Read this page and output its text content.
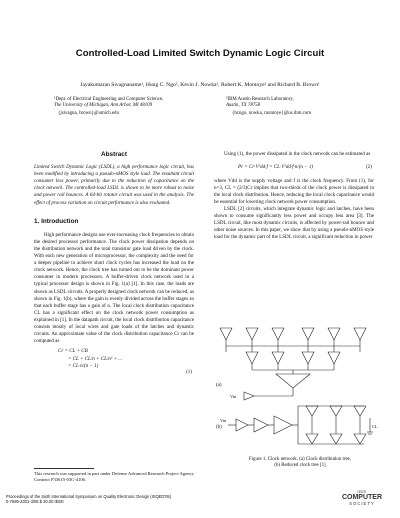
Controlled-Load Limited Switch Dynamic Logic Circuit
Jayakumaran Sivagnaname¹, Hung C. Ngo², Kevin J. Nowka², Robert K. Montoye² and Richard B. Brown¹
¹Dept. of Electrical Engineering and Computer Science,
The University of Michigan, Ann Arbor, MI 48109
²IBM Austin Research Laboratory,
Austin, TX 78758
{jsivagna, brown}@umich.edu	{hcngo, nowka, montoye}@us.ibm.com
Abstract
Limited Switch Dynamic Logic (LSDL), a high performance logic circuit, has been modified by introducing a pseudo-nMOS style load. The resultant circuit consumer less power, primarily due to the reduction of capacitance on the clock network. The controlled-load LSDL is shown to be more robust to noise and power rail bounces. A 64-bit rotator circuit was used in the analysis. The effect of process variation on circuit performance is also evaluated.
1. Introduction
High performance designs use ever-increasing clock frequencies to obtain the desired processor performance. The clock power dissipation depends on the distribution network and the total transistor gate load driven by the clock. With each new generation of microprocessor, the complexity and the need for a deeper pipeline to achieve short clock cycles has increased the load on the clock network. Hence, the clock tree has turned out to be the dominant power consumer in modern processors. A buffer-driven clock network used in a typical processor design is shown in Fig. 1(a) [1]. In this case, the loads are shown as LSDL circuits. A properly designed clock network can be reduced, as shown in Fig. 1(b), where the gain is evenly divided across the buffer stages so that each buffer stage has a gain of n. The local clock distribution capacitance CL has a significant effect on the clock network power consumption as explained in [1]. In the datapath circuit, the local clock distribution capacitance consists mostly of local wires and gate loads of the latches and dynamic circuits. An approximate value of the clock distribution capacitance Cr can be computed as
Cr = CL + CB
= CL + CL/n + CL/n² + ...
= CL·n/(n − 1)
(1)
This research was supported in part under Defense Advanced Research Project Agency Contract F33615-03C-4106.
Using (1), the power dissipated in the clock network can be estimated as
Pr = Cr·V²dd·f = CL·V²dd·f·n/(n − 1)	(2)
where Vdd is the supply voltage and f is the clock frequency. From (1), for n=3, CL = (2/3)Cr implies that two-thirds of the clock power is dissipated in the local clock distribution. Hence, reducing the local clock capacitance would be essential for lowering clock network power consumption.
LSDL [2] circuits, which integrate dynamic logic and latches, have been shown to consume significantly less power and occupy less area [3]. The LSDL circuit, like most dynamic circuits, is affected by power-rail bounce and other noise sources. In this paper, we show that by using a pseudo-nMOS style load for the dynamic part of the LSDL circuit, a significant reduction in power
(a)
Vin
(b)
Vin
CL
Figure 1. Clock network. (a) Clock distribution tree,
(b) Reduced clock tree [1]
Proceedings of the Sixth International Symposium on Quality Electronic Design (ISQED'05)
0-7695-2301-3/05 $ 20.00 IEEE
IEEE
COMPUTER
SOCIETY
